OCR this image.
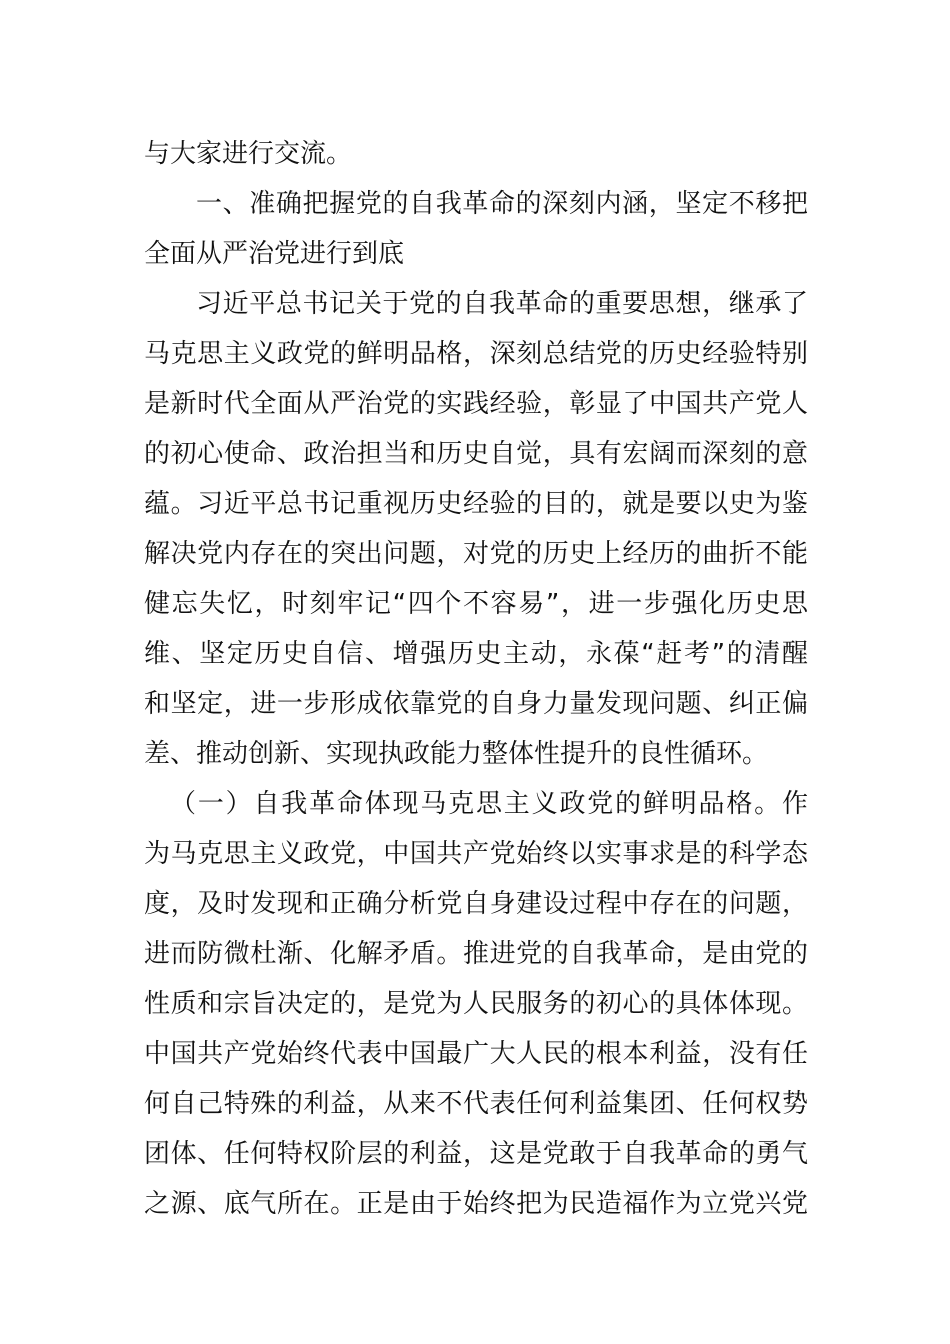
与大家进行交流。
一、准确把握党的自我革命的深刻内涵，坚定不移把
全面从严治党进行到底
习近平总书记关于党的自我革命的重要思想，继承了
马克思主义政党的鲜明品格，深刻总结党的历史经验特别
是新时代全面从严治党的实践经验，彰显了中国共产党人
的初心使命、政治担当和历史自觉，具有宏阔而深刻的意
蕴。习近平总书记重视历史经验的目的，就是要以史为鉴
解决党内存在的突出问题，对党的历史上经历的曲折不能
健忘失忆，时刻牢记“四个不容易”，进一步强化历史思
维、坚定历史自信、增强历史主动，永葆“赶考”的清醒
和坚定，进一步形成依靠党的自身力量发现问题、纠正偏
差、推动创新、实现执政能力整体性提升的良性循环。
（一）自我革命体现马克思主义政党的鲜明品格。作
为马克思主义政党，中国共产党始终以实事求是的科学态
度，及时发现和正确分析党自身建设过程中存在的问题，
进而防微杜渐、化解矛盾。推进党的自我革命，是由党的
性质和宗旨决定的，是党为人民服务的初心的具体体现。
中国共产党始终代表中国最广大人民的根本利益，没有任
何自己特殊的利益，从来不代表任何利益集团、任何权势
团体、任何特权阶层的利益，这是党敢于自我革命的勇气
之源、底气所在。正是由于始终把为民造福作为立党兴党
